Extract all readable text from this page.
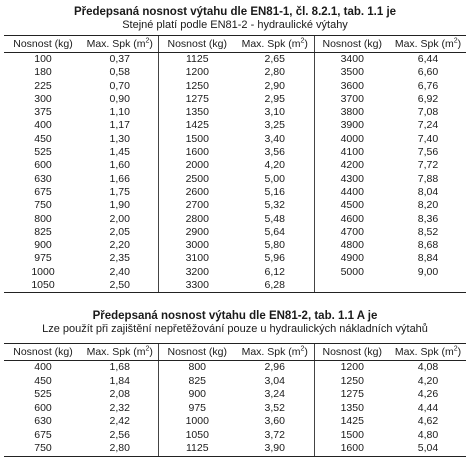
Předepsaná nosnost výtahu dle EN81-1, čl. 8.2.1, tab. 1.1 je

Stejné platí podle EN81-2 - hydraulické výtahy

Nosnost (kg)	Max. Spk $(m^2)$	Nosnost (kg)	Max. Spk $(m^2)$	Nosnost (kg)	Max. Spk $(m^2)$
100	0,37	1125	2,65	3400	6,44
180	0,58	1200	2,80	3500	6,60
225	0,70	1250	2,90	3600	6,76
300	0,90	1275	2,95	3700	6,92
375	1,10	1350	3,10	3800	7,08
400	1,17	1425	3,25	3900	7,24
450	1,30	1500	3,40	4000	7,40
525	1,45	1600	3,56	4100	7,56
600	1,60	2000	4,20	4200	7,72
630	1,66	2500	5,00	4300	7,88
675	1,75	2600	5,16	4400	8,04
750	1,90	2700	5,32	4500	8,20
800	2,00	2800	5,48	4600	8,36
825	2,05	2900	5,64	4700	8,52
900	2,20	3000	5,80	4800	8,68
975	2,35	3100	5,96	4900	8,84
1000	2,40	3200	6,12	5000	9,00
1050	2,50	3300	6,28		

Předepsaná nosnost výtahu dle EN81-2, tab. 1.1 A je

Lze použít při zajištění nepřetěžování pouze u hydraulických nákladních výtahů

Nosnost (kg)	Max. Spk $(m^2)$	Nosnost (kg)	Max. Spk $(m^2)$	Nosnost (kg)	Max. Spk $(m^2)$
400	1,68	800	2,96	1200	4,08
450	1,84	825	3,04	1250	4,20
525	2,08	900	3,24	1275	4,26
600	2,32	975	3,52	1350	4,44
630	2,42	1000	3,60	1425	4,62
675	2,56	1050	3,72	1500	4,80
750	2,80	1125	3,90	1600	5,04
